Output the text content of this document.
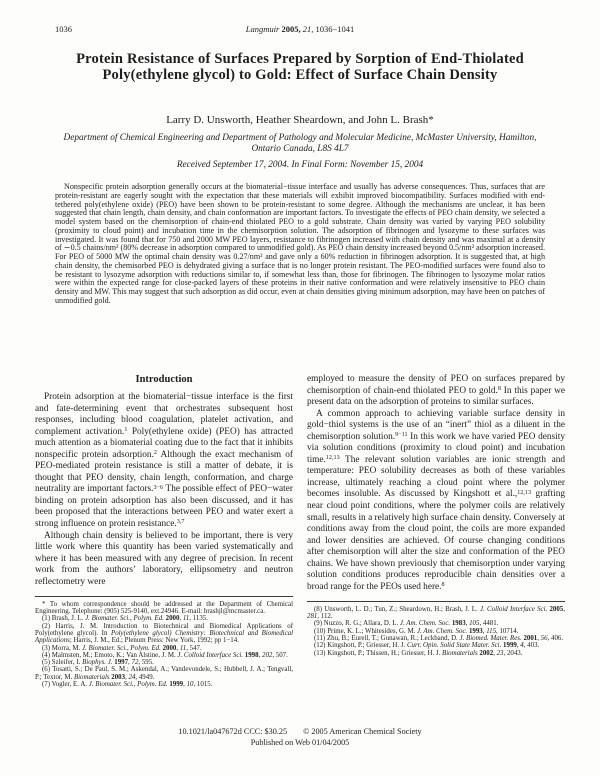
1036	Langmuir 2005, 21, 1036−1041
Protein Resistance of Surfaces Prepared by Sorption of End-Thiolated Poly(ethylene glycol) to Gold: Effect of Surface Chain Density
Larry D. Unsworth, Heather Sheardown, and John L. Brash*
Department of Chemical Engineering and Department of Pathology and Molecular Medicine, McMaster University, Hamilton, Ontario Canada, L8S 4L7
Received September 17, 2004. In Final Form: November 15, 2004

Nonspecific protein adsorption generally occurs at the biomaterial−tissue interface and usually has adverse consequences. Thus, surfaces that are protein-resistant are eagerly sought with the expectation that these materials will exhibit improved biocompatibility. Surfaces modified with end-tethered poly(ethylene oxide) (PEO) have been shown to be protein-resistant to some degree. Although the mechanisms are unclear, it has been suggested that chain length, chain density, and chain conformation are important factors. To investigate the effects of PEO chain density, we selected a model system based on the chemisorption of chain-end thiolated PEO to a gold substrate. Chain density was varied by varying PEO solubility (proximity to cloud point) and incubation time in the chemisorption solution. The adsorption of fibrinogen and lysozyme to these surfaces was investigated. It was found that for 750 and 2000 MW PEO layers, resistance to fibrinogen increased with chain density and was maximal at a density of ∼0.5 chains/nm² (80% decrease in adsorption compared to unmodified gold). As PEO chain density increased beyond 0.5/nm² adsorption increased. For PEO of 5000 MW the optimal chain density was 0.27/nm² and gave only a 60% reduction in fibrinogen adsorption. It is suggested that, at high chain density, the chemisorbed PEO is dehydrated giving a surface that is no longer protein resistant. The PEO-modified surfaces were found also to be resistant to lysozyme adsorption with reductions similar to, if somewhat less than, those for fibrinogen. The fibrinogen to lysozyme molar ratios were within the expected range for close-packed layers of these proteins in their native conformation and were relatively insensitive to PEO chain density and MW. This may suggest that such adsorption as did occur, even at chain densities giving minimum adsorption, may have been on patches of unmodified gold.

Introduction

Protein adsorption at the biomaterial−tissue interface is the first and fate-determining event that orchestrates subsequent host responses, including blood coagulation, platelet activation, and complement activation.$^1$ Poly(ethylene oxide) (PEO) has attracted much attention as a biomaterial coating due to the fact that it inhibits nonspecific protein adsorption.$^2$ Although the exact mechanism of PEO-mediated protein resistance is still a matter of debate, it is thought that PEO density, chain length, conformation, and charge neutrality are important factors.$^{3-6}$ The possible effect of PEO−water binding on protein adsorption has also been discussed, and it has been proposed that the interactions between PEO and water exert a strong influence on protein resistance.$^{3,7}$

Although chain density is believed to be important, there is very little work where this quantity has been varied systematically and where it has been measured with any degree of precision. In recent work from the authors’ laboratory, ellipsometry and neutron reflectometry were

* To whom correspondence should be addressed at the Department of Chemical Engineering. Telephone: (905) 525-9140, ext.24946. E-mail: brashjl@mcmaster.ca.

(1) Brash, J. L. J. Biomater. Sci., Polym. Ed. 2000, 11, 1135.

(2) Harris, J. M. Introduction to Biotechnical and Biomedical Applications of Poly(ethylene glycol). In Poly(ethylene glycol) Chemistry: Biotechnical and Biomedical Applications; Harris, J. M., Ed.; Plenum Press: New York, 1992; pp 1−14.

(3) Morra, M. J. Biomater. Sci., Polym. Ed. 2000, 11, 547.

(4) Malmsten, M.; Emoto, K.; Van Alstine, J. M. J. Colloid Interface Sci. 1998, 202, 507.

(5) Szleifer, I. Biophys. J. 1997, 72, 595.

(6) Tosatti, S.; De Paul, S. M.; Askendal, A.; Vandevondele, S.; Hubbell, J. A.; Tengvall, P.; Textor, M. Biomaterials 2003, 24, 4949.

(7) Vogler, E. A. J. Biomater. Sci., Polym. Ed. 1999, 10, 1015.

employed to measure the density of PEO on surfaces prepared by chemisorption of chain-end thiolated PEO to gold.$^8$ In this paper we present data on the adsorption of proteins to similar surfaces.

A common approach to achieving variable surface density in gold−thiol systems is the use of an “inert” thiol as a diluent in the chemisorption solution.$^{9-11}$ In this work we have varied PEO density via solution conditions (proximity to cloud point) and incubation time.$^{12,13}$ The relevant solution variables are ionic strength and temperature: PEO solubility decreases as both of these variables increase, ultimately reaching a cloud point where the polymer becomes insoluble. As discussed by Kingshott et al.,$^{12,13}$ grafting near cloud point conditions, where the polymer coils are relatively small, results in a relatively high surface chain density. Conversely at conditions away from the cloud point, the coils are more expanded and lower densities are achieved. Of course changing conditions after chemisorption will alter the size and conformation of the PEO chains. We have shown previously that chemisorption under varying solution conditions produces reproducible chain densities over a broad range for the PEOs used here.$^8$

(8) Unsworth, L. D.; Tun, Z.; Sheardown, H.; Brash, J. L. J. Colloid Interface Sci. 2005, 281, 112.

(9) Nuzzo, R. G.; Allara, D. L. J. Am. Chem. Soc. 1983, 105, 4481.

(10) Prime, K. L.; Whitesides, G. M. J. Am. Chem. Soc. 1993, 115, 10714.

(11) Zhu, B.; Eurell, T.; Gunawan, R.; Leckband, D. J. Biomed. Mater. Res. 2001, 56, 406.

(12) Kingshott, P.; Griesser, H. J. Curr. Opin. Solid State Mater. Sci. 1999, 4, 403.

(13) Kingshott, P.; Thissen, H.; Griesser, H. J. Biomaterials 2002, 23, 2043.

10.1021/la047672d CCC: $30.25 © 2005 American Chemical Society
Published on Web 01/04/2005
